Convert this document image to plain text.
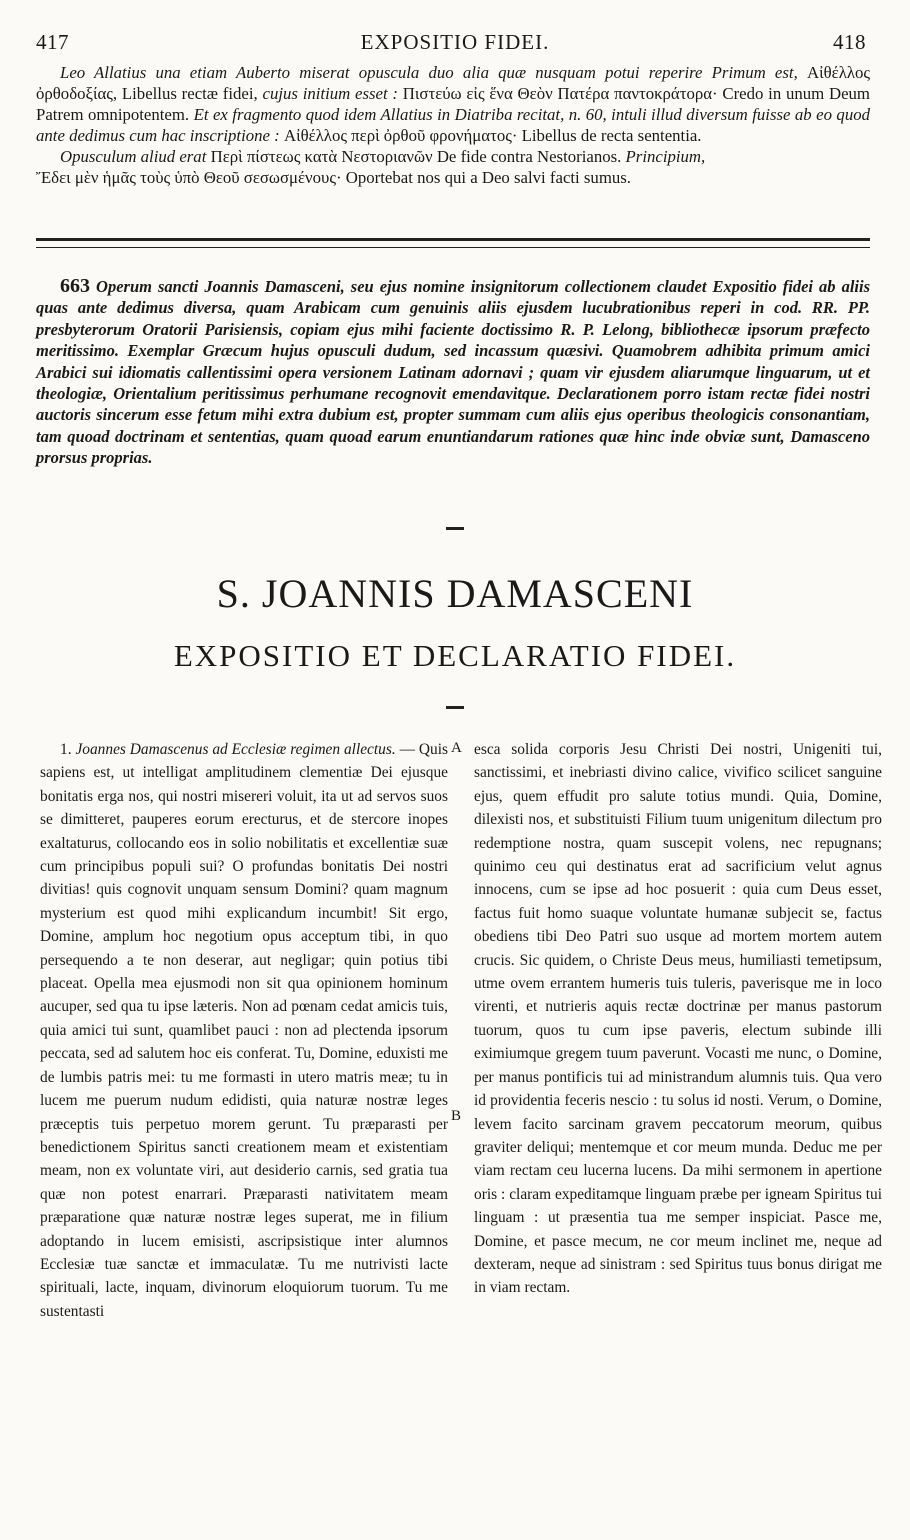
417	EXPOSITIO FIDEI.	418

Leo Allatius una etiam Auberto miserat opuscula duo alia quæ nusquam potui reperire Primum est, Αἰθέλλος ὀρθοδοξίας, Libellus rectæ fidei, cujus initium esset : Πιστεύω εἰς ἕνα Θεὸν Πατέρα παντοκράτορα· Credo in unum Deum Patrem omnipotentem. Et ex fragmento quod idem Allatius in Diatriba recitat, n. 60, intuli illud diversum fuisse ab eo quod ante dedimus cum hac inscriptione : Αἰθέλλος περὶ ὀρθοῦ φρονήματος· Libellus de recta sententia.

Opusculum aliud erat Περὶ πίστεως κατὰ Νεστοριανῶν De fide contra Nestorianos. Principium,
Ἔδει μὲν ἡμᾶς τοὺς ὑπὸ Θεοῦ σεσωσμένους· Oportebat nos qui a Deo salvi facti sumus.

663 Operum sancti Joannis Damasceni, seu ejus nomine insignitorum collectionem claudet Expositio fidei ab aliis quas ante dedimus diversa, quam Arabicam cum genuinis aliis ejusdem lucubrationibus reperi in cod. RR. PP. presbyterorum Oratorii Parisiensis, copiam ejus mihi faciente doctissimo R. P. Lelong, bibliothecæ ipsorum præfecto meritissimo. Exemplar Græcum hujus opusculi dudum, sed incassum quæsivi. Quamobrem adhibita primum amici Arabici sui idiomatis callentissimi opera versionem Latinam adornavi ; quam vir ejusdem aliarumque linguarum, ut et theologiæ, Orientalium peritissimus perhumane recognovit emendavitque. Declarationem porro istam rectæ fidei nostri auctoris sincerum esse fetum mihi extra dubium est, propter summam cum aliis ejus operibus theologicis consonantiam, tam quoad doctrinam et sententias, quam quoad earum enuntiandarum rationes quæ hinc inde obviæ sunt, Damasceno prorsus proprias.

S. JOANNIS DAMASCENI
EXPOSITIO ET DECLARATIO FIDEI.

1. Joannes Damascenus ad Ecclesiæ regimen allectus. — Quis sapiens est, ut intelligat amplitudinem clementiæ Dei ejusque bonitatis erga nos, qui nostri misereri voluit, ita ut ad servos suos se dimitteret, pauperes eorum erecturus, et de stercore inopes exaltaturus, collocando eos in solio nobilitatis et excellentiæ suæ cum principibus populi sui? O profundas bonitatis Dei nostri divitias! quis cognovit unquam sensum Domini? quam magnum mysterium est quod mihi explicandum incumbit! Sit ergo, Domine, amplum hoc negotium opus acceptum tibi, in quo persequendo a te non deserar, aut negligar; quin potius tibi placeat. Opella mea ejusmodi non sit qua opinionem hominum aucuper, sed qua tu ipse læteris. Non ad pœnam cedat amicis tuis, quia amici tui sunt, quamlibet pauci : non ad plectenda ipsorum peccata, sed ad salutem hoc eis conferat. Tu, Domine, eduxisti me de lumbis patris mei: tu me formasti in utero matris meæ; tu in lucem me puerum nudum edidisti, quia naturæ nostræ leges præceptis tuis perpetuo morem gerunt. Tu præparasti per benedictionem Spiritus sancti creationem meam et existentiam meam, non ex voluntate viri, aut desiderio carnis, sed gratia tua quæ non potest enarrari. Præparasti nativitatem meam præparatione quæ naturæ nostræ leges superat, me in filium adoptando in lucem emisisti, ascripsistique inter alumnos Ecclesiæ tuæ sanctæ et immaculatæ. Tu me nutrivisti lacte spirituali, lacte, inquam, divinorum eloquiorum tuorum. Tu me sustentasti

A
B

esca solida corporis Jesu Christi Dei nostri, Unigeniti tui, sanctissimi, et inebriasti divino calice, vivifico scilicet sanguine ejus, quem effudit pro salute totius mundi. Quia, Domine, dilexisti nos, et substituisti Filium tuum unigenitum dilectum pro redemptione nostra, quam suscepit volens, nec repugnans; quinimo ceu qui destinatus erat ad sacrificium velut agnus innocens, cum se ipse ad hoc posuerit : quia cum Deus esset, factus fuit homo suaque voluntate humanæ subjecit se, factus obediens tibi Deo Patri suo usque ad mortem mortem autem crucis. Sic quidem, o Christe Deus meus, humiliasti temetipsum, utme ovem errantem humeris tuis tuleris, paverisque me in loco virenti, et nutrieris aquis rectæ doctrinæ per manus pastorum tuorum, quos tu cum ipse paveris, electum subinde illi eximiumque gregem tuum paverunt. Vocasti me nunc, o Domine, per manus pontificis tui ad ministrandum alumnis tuis. Qua vero id providentia feceris nescio : tu solus id nosti. Verum, o Domine, levem facito sarcinam gravem peccatorum meorum, quibus graviter deliqui; mentemque et cor meum munda. Deduc me per viam rectam ceu lucerna lucens. Da mihi sermonem in apertione oris : claram expeditamque linguam præbe per igneam Spiritus tui linguam : ut præsentia tua me semper inspiciat. Pasce me, Domine, et pasce mecum, ne cor meum inclinet me, neque ad dexteram, neque ad sinistram : sed Spiritus tuus bonus dirigat me in viam rectam.
